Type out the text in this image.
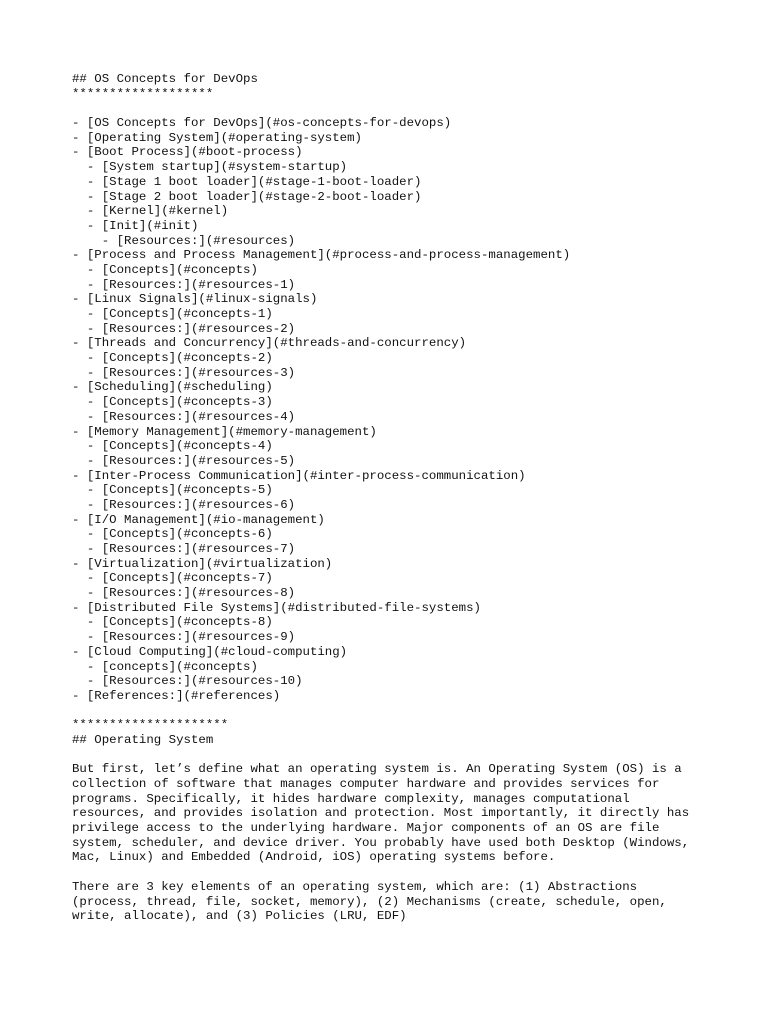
## OS Concepts for DevOps
*******************
- [OS Concepts for DevOps](#os-concepts-for-devops)
- [Operating System](#operating-system)
- [Boot Process](#boot-process)
- [System startup](#system-startup)
- [Stage 1 boot loader](#stage-1-boot-loader)
- [Stage 2 boot loader](#stage-2-boot-loader)
- [Kernel](#kernel)
- [Init](#init)
- [Resources:](#resources)
- [Process and Process Management](#process-and-process-management)
- [Concepts](#concepts)
- [Resources:](#resources-1)
- [Linux Signals](#linux-signals)
- [Concepts](#concepts-1)
- [Resources:](#resources-2)
- [Threads and Concurrency](#threads-and-concurrency)
- [Concepts](#concepts-2)
- [Resources:](#resources-3)
- [Scheduling](#scheduling)
- [Concepts](#concepts-3)
- [Resources:](#resources-4)
- [Memory Management](#memory-management)
- [Concepts](#concepts-4)
- [Resources:](#resources-5)
- [Inter-Process Communication](#inter-process-communication)
- [Concepts](#concepts-5)
- [Resources:](#resources-6)
- [I/O Management](#io-management)
- [Concepts](#concepts-6)
- [Resources:](#resources-7)
- [Virtualization](#virtualization)
- [Concepts](#concepts-7)
- [Resources:](#resources-8)
- [Distributed File Systems](#distributed-file-systems)
- [Concepts](#concepts-8)
- [Resources:](#resources-9)
- [Cloud Computing](#cloud-computing)
- [concepts](#concepts)
- [Resources:](#resources-10)
- [References:](#references)
*********************
## Operating System
But first, let’s define what an operating system is. An Operating System (OS) is a
collection of software that manages computer hardware and provides services for
programs. Specifically, it hides hardware complexity, manages computational
resources, and provides isolation and protection. Most importantly, it directly has
privilege access to the underlying hardware. Major components of an OS are file
system, scheduler, and device driver. You probably have used both Desktop (Windows,
Mac, Linux) and Embedded (Android, iOS) operating systems before.
There are 3 key elements of an operating system, which are: (1) Abstractions
(process, thread, file, socket, memory), (2) Mechanisms (create, schedule, open,
write, allocate), and (3) Policies (LRU, EDF)
